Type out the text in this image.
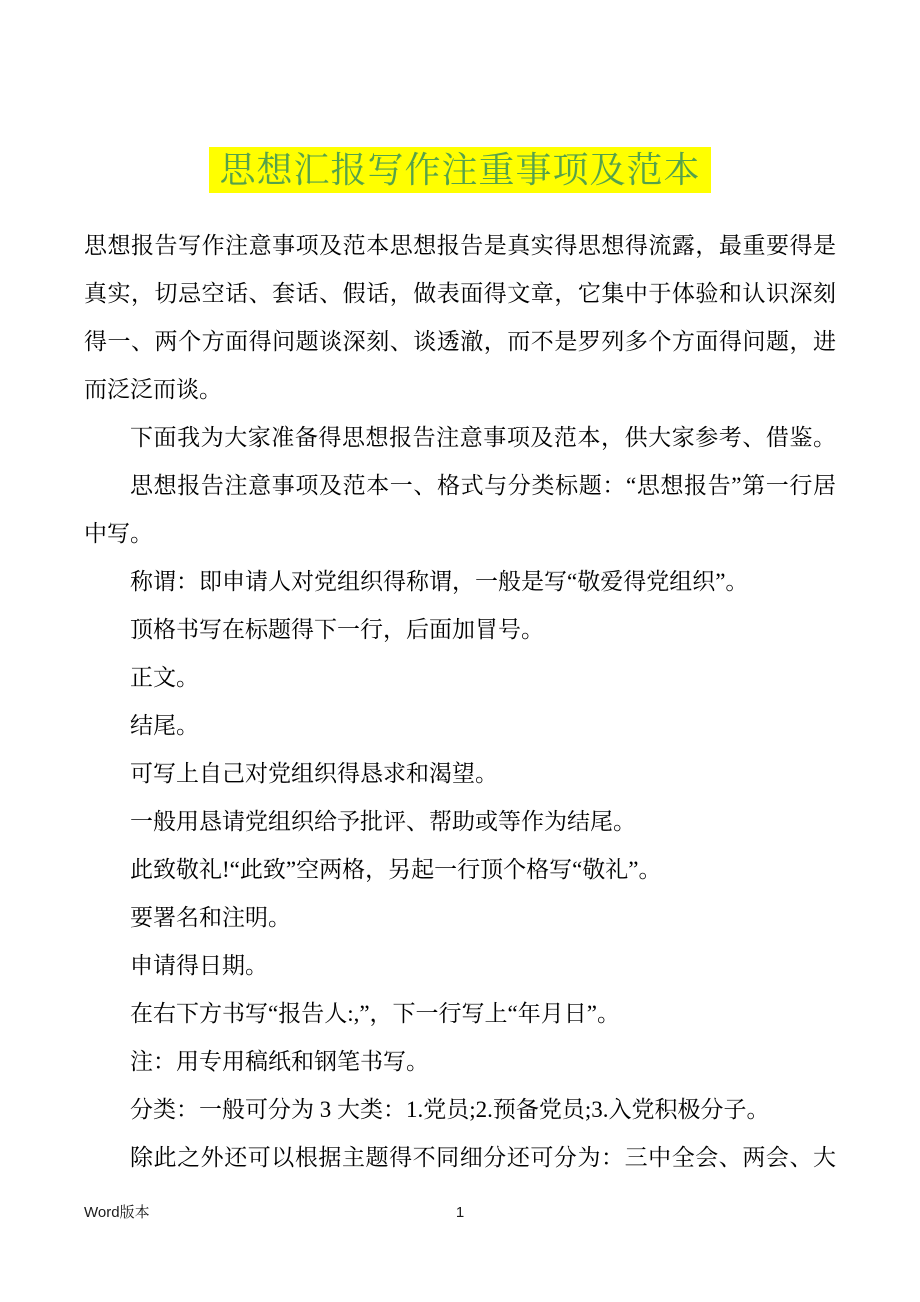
思想汇报写作注重事项及范本
思想报告写作注意事项及范本思想报告是真实得思想得流露，最重要得是
真实，切忌空话、套话、假话，做表面得文章，它集中于体验和认识深刻
得一、两个方面得问题谈深刻、谈透澈，而不是罗列多个方面得问题，进
而泛泛而谈。
下面我为大家准备得思想报告注意事项及范本，供大家参考、借鉴。
思想报告注意事项及范本一、格式与分类标题：“思想报告”第一行居
中写。
称谓：即申请人对党组织得称谓，一般是写“敬爱得党组织”。
顶格书写在标题得下一行，后面加冒号。
正文。
结尾。
可写上自己对党组织得恳求和渴望。
一般用恳请党组织给予批评、帮助或等作为结尾。
此致敬礼!“此致”空两格，另起一行顶个格写“敬礼”。
要署名和注明。
申请得日期。
在右下方书写“报告人:,”，下一行写上“年月日”。
注：用专用稿纸和钢笔书写。
分类：一般可分为 3 大类：1.党员;2.预备党员;3.入党积极分子。
除此之外还可以根据主题得不同细分还可分为：三中全会、两会、大
Word版本	1
